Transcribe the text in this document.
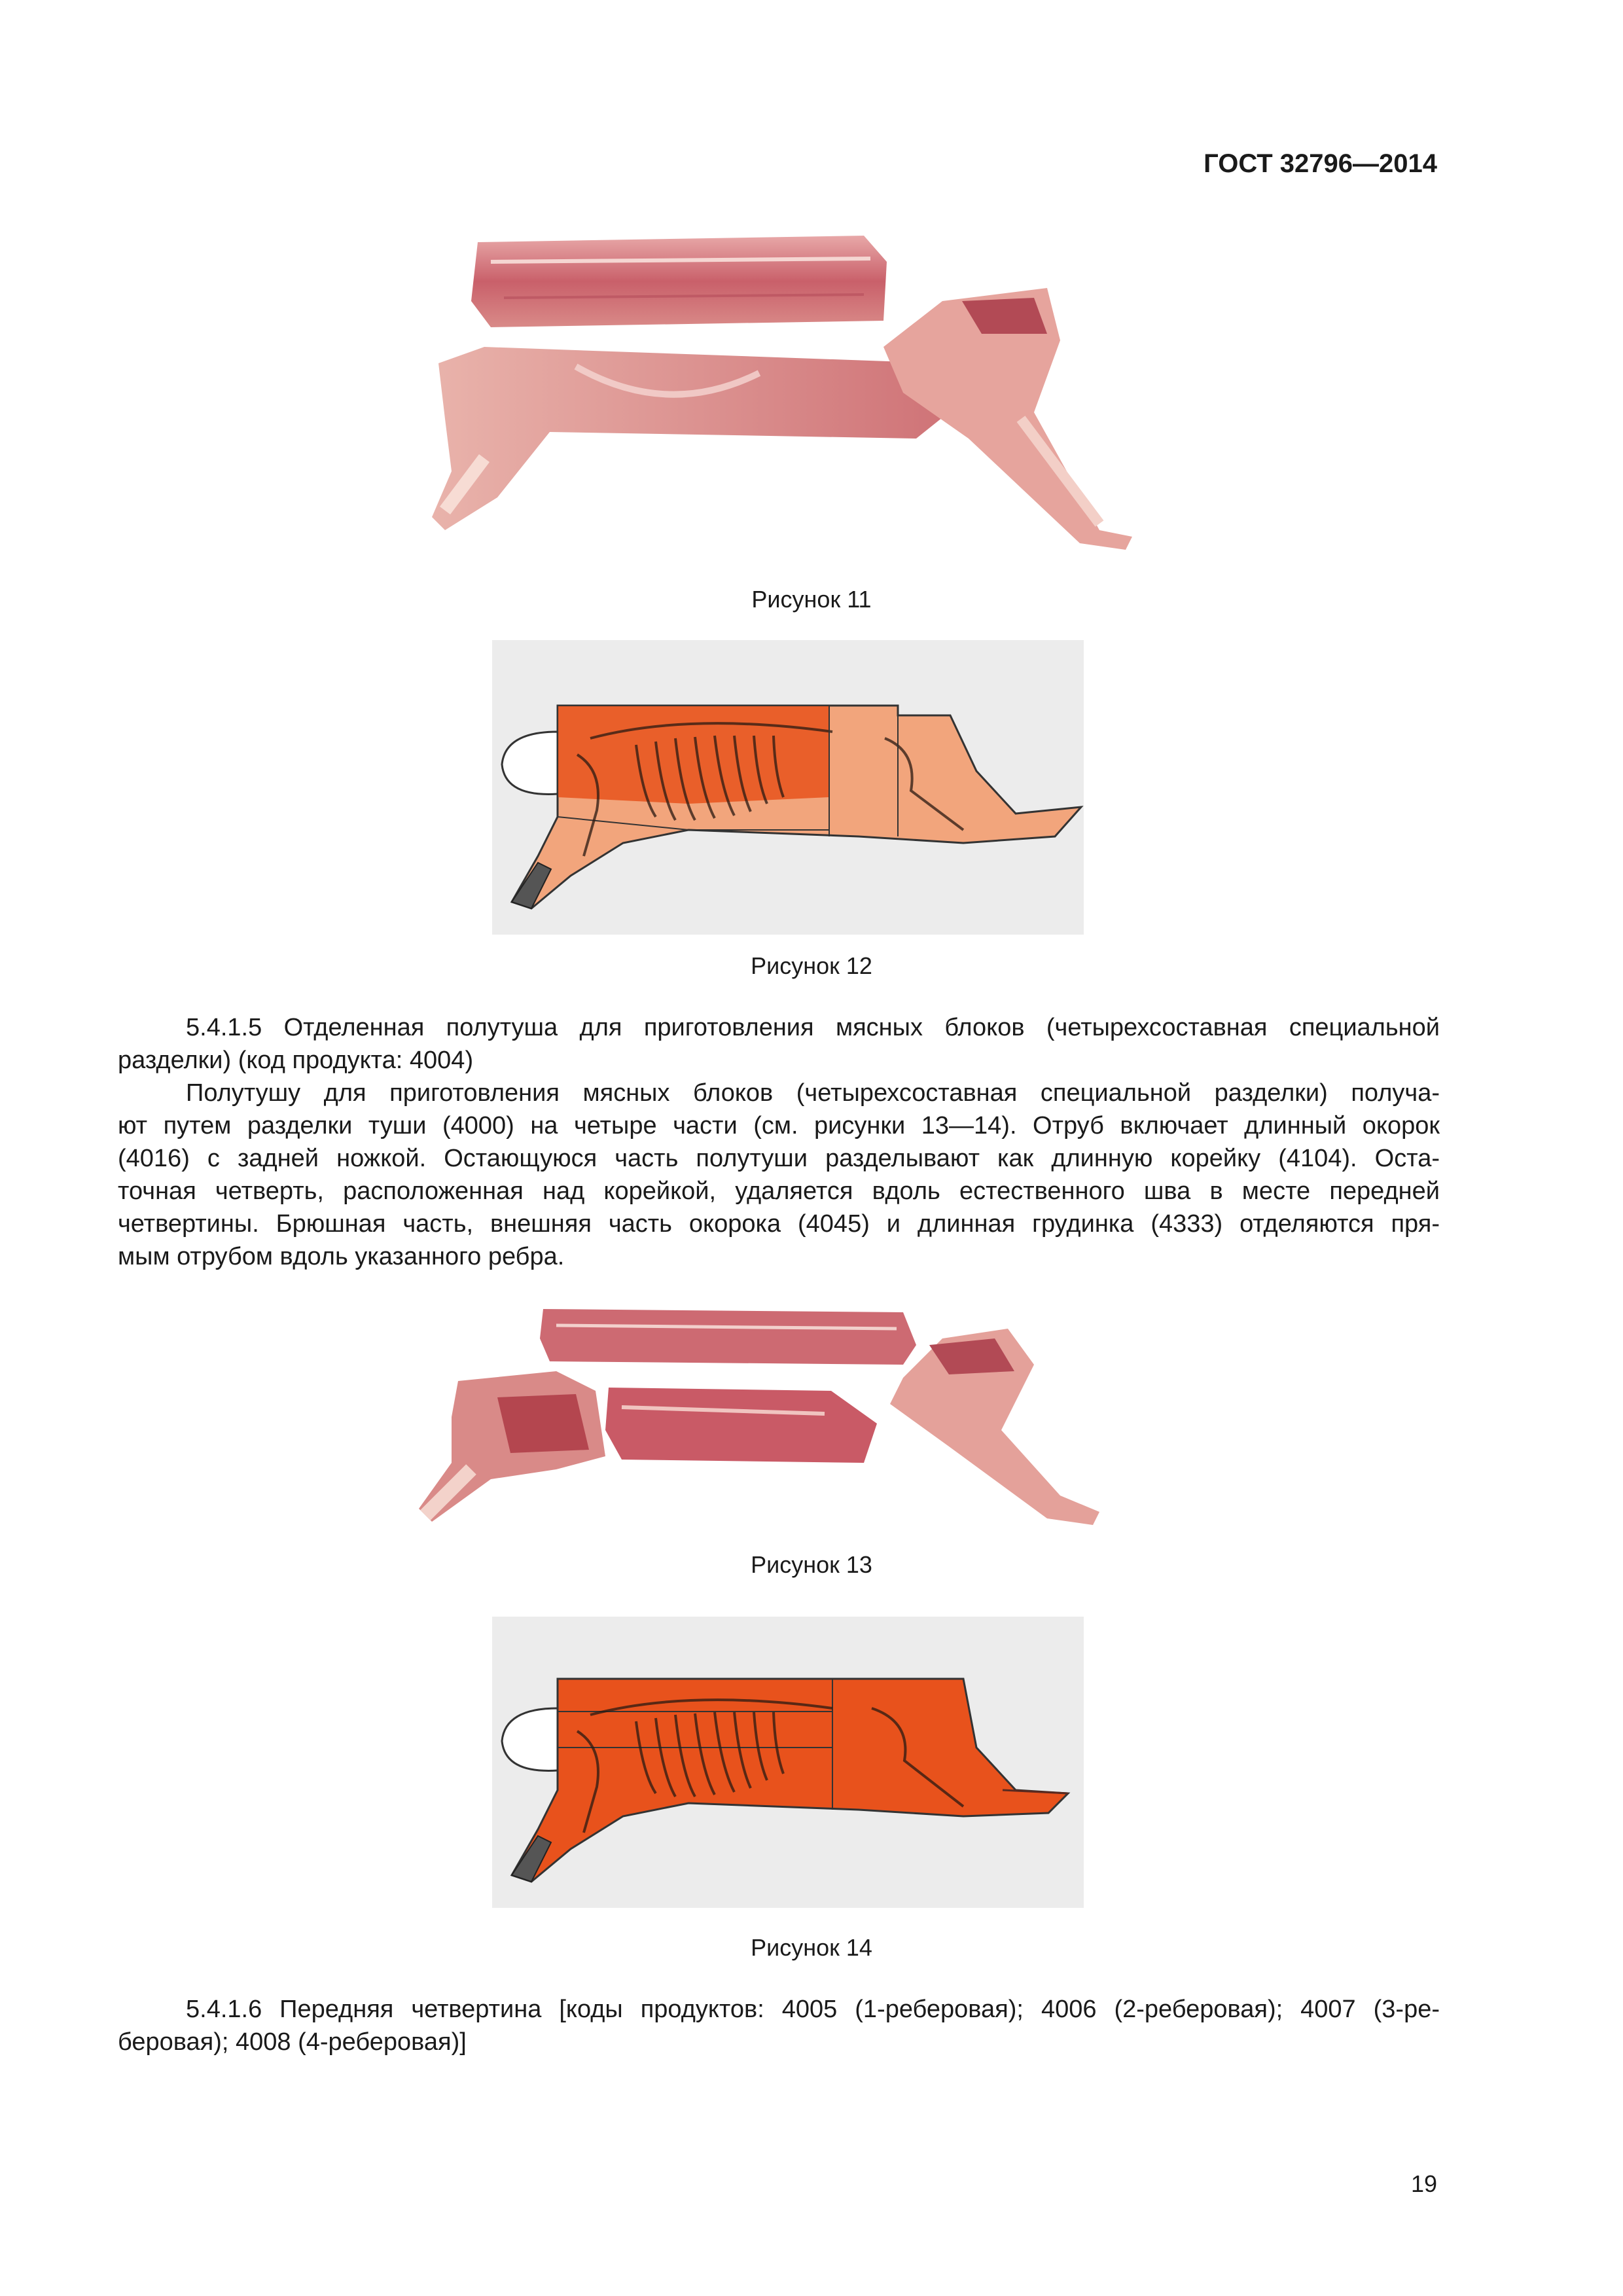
ГОСТ 32796—2014
Рисунок 11
Рисунок 12
5.4.1.5 Отделенная полутуша для приготовления мясных блоков (четырехсоставная специальной
разделки) (код продукта: 4004)
Полутушу для приготовления мясных блоков (четырехсоставная специальной разделки) получа-
ют путем разделки туши (4000) на четыре части (см. рисунки 13—14). Отруб включает длинный окорок
(4016) с задней ножкой. Остающуюся часть полутуши разделывают как длинную корейку (4104). Оста-
точная четверть, расположенная над корейкой, удаляется вдоль естественного шва в месте передней
четвертины. Брюшная часть, внешняя часть окорока (4045) и длинная грудинка (4333) отделяются пря-
мым отрубом вдоль указанного ребра.
Рисунок 13
Рисунок 14
5.4.1.6 Передняя четвертина [коды продуктов: 4005 (1-реберовая); 4006 (2-реберовая); 4007 (3-ре-
берoвая); 4008 (4-реберовая)]
19
